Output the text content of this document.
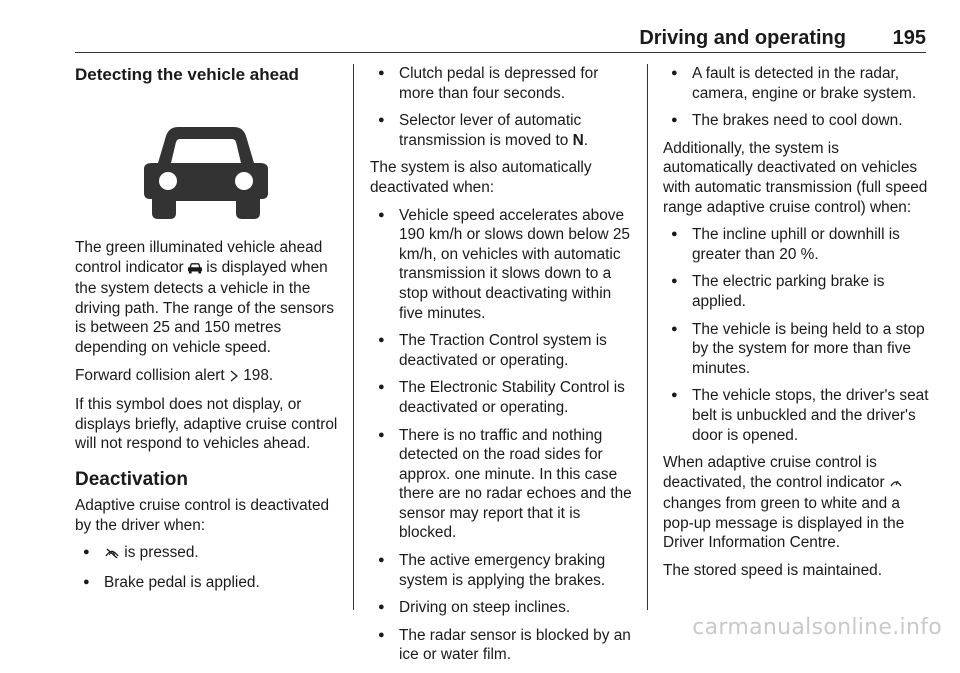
Driving and operating 195
Detecting the vehicle ahead

The green illuminated vehicle ahead control indicator  is displayed when the system detects a vehicle in the driving path. The range of the sensors is between 25 and 150 metres depending on vehicle speed.

Forward collision alert  198.

If this symbol does not display, or displays briefly, adaptive cruise control will not respond to vehicles ahead.

Deactivation

Adaptive cruise control is deactivated by the driver when:

● is pressed.
● Brake pedal is applied.
● Clutch pedal is depressed for more than four seconds.
● Selector lever of automatic transmission is moved to N.

The system is also automatically deactivated when:

● Vehicle speed accelerates above 190 km/h or slows down below 25 km/h, on vehicles with automatic transmission it slows down to a stop without deactivating within five minutes.
● The Traction Control system is deactivated or operating.
● The Electronic Stability Control is deactivated or operating.
● There is no traffic and nothing detected on the road sides for approx. one minute. In this case there are no radar echoes and the sensor may report that it is blocked.
● The active emergency braking system is applying the brakes.
● Driving on steep inclines.
● The radar sensor is blocked by an ice or water film.
● A fault is detected in the radar, camera, engine or brake system.
● The brakes need to cool down.

Additionally, the system is automatically deactivated on vehicles with automatic transmission (full speed range adaptive cruise control) when:

● The incline uphill or downhill is greater than 20 %.
● The electric parking brake is applied.
● The vehicle is being held to a stop by the system for more than five minutes.
● The vehicle stops, the driver's seat belt is unbuckled and the driver's door is opened.

When adaptive cruise control is deactivated, the control indicator  changes from green to white and a pop-up message is displayed in the Driver Information Centre.

The stored speed is maintained.

carmanualsonline.info
